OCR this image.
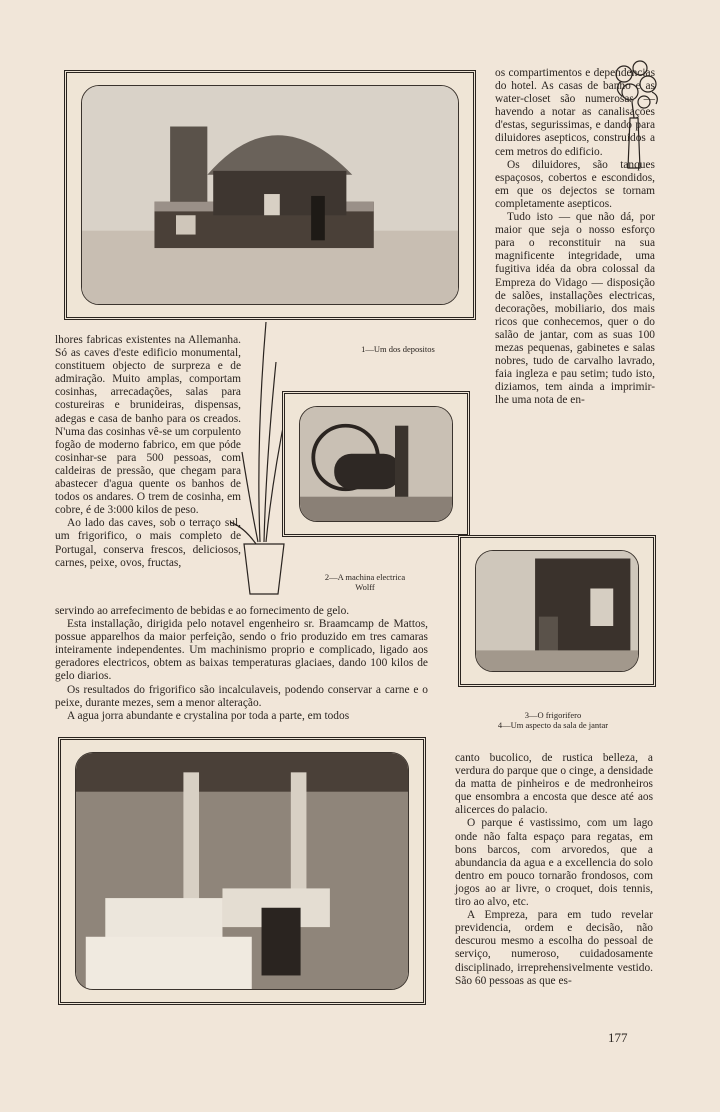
1—Um dos depositos

os compartimentos e dependencias do hotel. As casas de banho e as water-closet são numerosas — havendo a notar as canalisações d'estas, segurissimas, e dando para diluidores asepticos, construidos a cem metros do edificio.

Os diluidores, são tanques espaçosos, cobertos e escondidos, em que os dejectos se tornam completamente asepticos.

Tudo isto — que não dá, por maior que seja o nosso esforço para o reconstituir na sua magnificente integridade, uma fugitiva idéa da obra colossal da Empreza do Vidago — disposição de salões, installações electricas, decorações, mobiliario, dos mais ricos que conhecemos, quer o do salão de jantar, com as suas 100 mezas pequenas, gabinetes e salas nobres, tudo de carvalho lavrado, faia ingleza e pau setim; tudo isto, diziamos, tem ainda a imprimir-lhe uma nota de en-

lhores fabricas existentes na Allemanha. Só as caves d'este edificio monumental, constituem objecto de surpreza e de admiração. Muito amplas, comportam cosinhas, arrecadações, salas para costureiras e brunideiras, dispensas, adegas e casa de banho para os creados. N'uma das cosinhas vê-se um corpulento fogão de moderno fabrico, em que póde cosinhar-se para 500 pessoas, com caldeiras de pressão, que chegam para abastecer d'agua quente os banhos de todos os andares. O trem de cosinha, em cobre, é de 3:000 kilos de peso.

Ao lado das caves, sob o terraço sul, um frigorifico, o mais completo de Portugal, conserva frescos, deliciosos, carnes, peixe, ovos, fructas,

2—A machina electrica
Wolff
3—O frigorifero
4—Um aspecto da sala de jantar

servindo ao arrefecimento de bebidas e ao fornecimento de gelo.

Esta installação, dirigida pelo notavel engenheiro sr. Braamcamp de Mattos, possue apparelhos da maior perfeição, sendo o frio produzido em tres camaras inteiramente independentes. Um machinismo proprio e complicado, ligado aos geradores electricos, obtem as baixas temperaturas glaciaes, dando 100 kilos de gelo diarios.

Os resultados do frigorifico são incalculaveis, podendo conservar a carne e o peixe, durante mezes, sem a menor alteração.

A agua jorra abundante e crystalina por toda a parte, em todos

canto bucolico, de rustica belleza, a verdura do parque que o cinge, a densidade da matta de pinheiros e de medronheiros que ensombra a encosta que desce até aos alicerces do palacio.

O parque é vastissimo, com um lago onde não falta espaço para regatas, em bons barcos, com arvoredos, que a abundancia da agua e a excellencia do solo dentro em pouco tornarão frondosos, com jogos ao ar livre, o croquet, dois tennis, tiro ao alvo, etc.

A Empreza, para em tudo revelar previdencia, ordem e decisão, não descurou mesmo a escolha do pessoal de serviço, numeroso, cuidadosamente disciplinado, irreprehensivelmente vestido. São 60 pessoas as que es-

177
